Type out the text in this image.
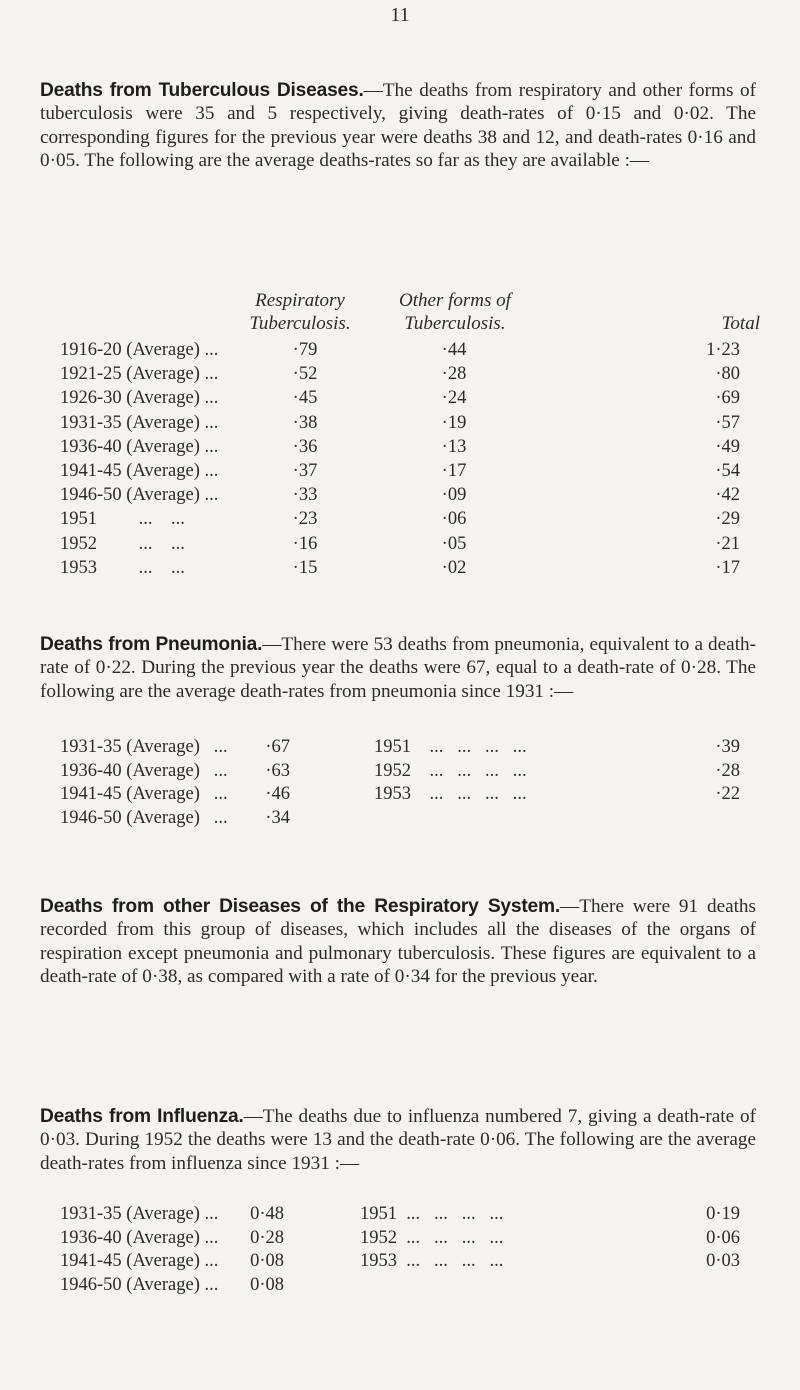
11

Deaths from Tuberculous Diseases.—The deaths from respiratory and other forms of tuberculosis were 35 and 5 respectively, giving death-rates of 0·15 and 0·02. The corresponding figures for the previous year were deaths 38 and 12, and death-rates 0·16 and 0·05. The following are the average deaths-rates so far as they are available :—

Respiratory
Tuberculosis.
Other forms of
Tuberculosis.	Total
1916-20 (Average) ...	·79	·44	1·23
1921-25 (Average) ...	·52	·28	·80
1926-30 (Average) ...	·45	·24	·69
1931-35 (Average) ...	·38	·19	·57
1936-40 (Average) ...	·36	·13	·49
1941-45 (Average) ...	·37	·17	·54
1946-50 (Average) ...	·33	·09	·42
1951         ...    ...	·23	·06	·29
1952         ...    ...	·16	·05	·21
1953         ...    ...	·15	·02	·17

Deaths from Pneumonia.—There were 53 deaths from pneumonia, equivalent to a death-rate of 0·22. During the previous year the deaths were 67, equal to a death-rate of 0·28. The following are the average death-rates from pneumonia since 1931 :—

1931-35 (Average)   ...	·67
1936-40 (Average)   ...	·63
1941-45 (Average)   ...	·46
1946-50 (Average)   ...	·34
1951    ...   ...   ...   ...	·39
1952    ...   ...   ...   ...	·28
1953    ...   ...   ...   ...	·22

Deaths from other Diseases of the Respiratory System.—There were 91 deaths recorded from this group of diseases, which includes all the diseases of the organs of respiration except pneumonia and pulmonary tuberculosis. These figures are equivalent to a death-rate of 0·38, as compared with a rate of 0·34 for the previous year.

Deaths from Influenza.—The deaths due to influenza numbered 7, giving a death-rate of 0·03. During 1952 the deaths were 13 and the death-rate 0·06. The following are the average death-rates from influenza since 1931 :—

1931-35 (Average) ...	0·48
1936-40 (Average) ...	0·28
1941-45 (Average) ...	0·08
1946-50 (Average) ...	0·08
1951  ...   ...   ...   ...	0·19
1952  ...   ...   ...   ...	0·06
1953  ...   ...   ...   ...	0·03
